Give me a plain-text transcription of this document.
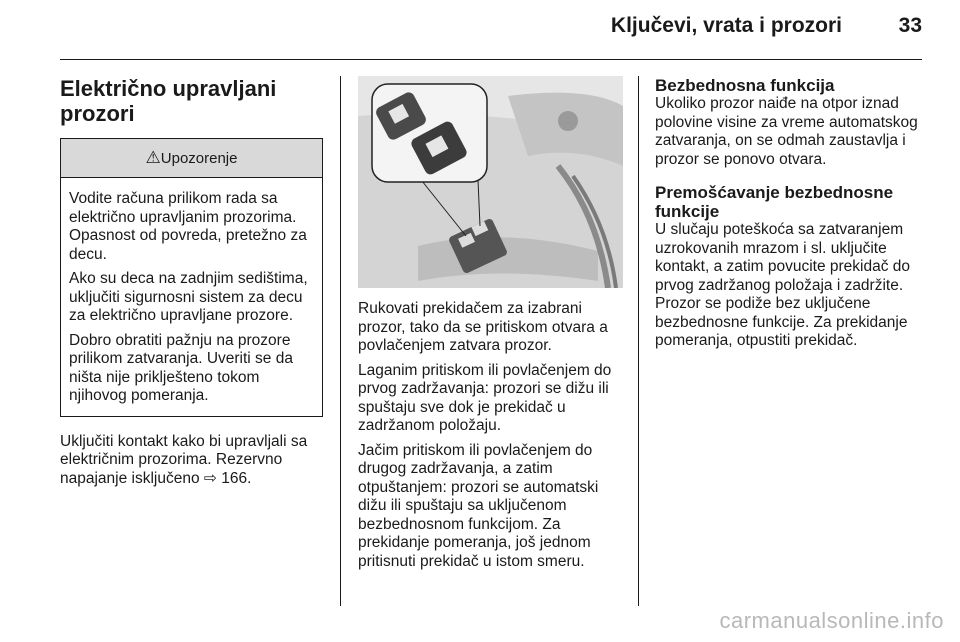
Ključevi, vrata i prozori	33
Električno upravljani prozori
⚠Upozorenje

Vodite računa prilikom rada sa električno upravljanim prozorima. Opasnost od povreda, pretežno za decu.

Ako su deca na zadnjim sedištima, uključiti sigurnosni sistem za decu za električno upravljane prozore.

Dobro obratiti pažnju na prozore prilikom zatvaranja. Uveriti se da ništa nije priklješteno tokom njihovog pomeranja.

Uključiti kontakt kako bi upravljali sa električnim prozorima. Rezervno napajanje isključeno ⇨ 166.

Rukovati prekidačem za izabrani prozor, tako da se pritiskom otvara a povlačenjem zatvara prozor.

Laganim pritiskom ili povlačenjem do prvog zadržavanja: prozori se dižu ili spuštaju sve dok je prekidač u zadržanom položaju.

Jačim pritiskom ili povlačenjem do drugog zadržavanja, a zatim otpuštanjem: prozori se automatski dižu ili spuštaju sa uključenom bezbednosnom funkcijom. Za prekidanje pomeranja, još jednom pritisnuti prekidač u istom smeru.

Bezbednosna funkcija

Ukoliko prozor naiđe na otpor iznad polovine visine za vreme automatskog zatvaranja, on se odmah zaustavlja i prozor se ponovo otvara.

Premošćavanje bezbednosne funkcije

U slučaju poteškoća sa zatvaranjem uzrokovanih mrazom i sl. uključite kontakt, a zatim povucite prekidač do prvog zadržanog položaja i zadržite. Prozor se podiže bez uključene bezbednosne funkcije. Za prekidanje pomeranja, otpustiti prekidač.

carmanualsonline.info
